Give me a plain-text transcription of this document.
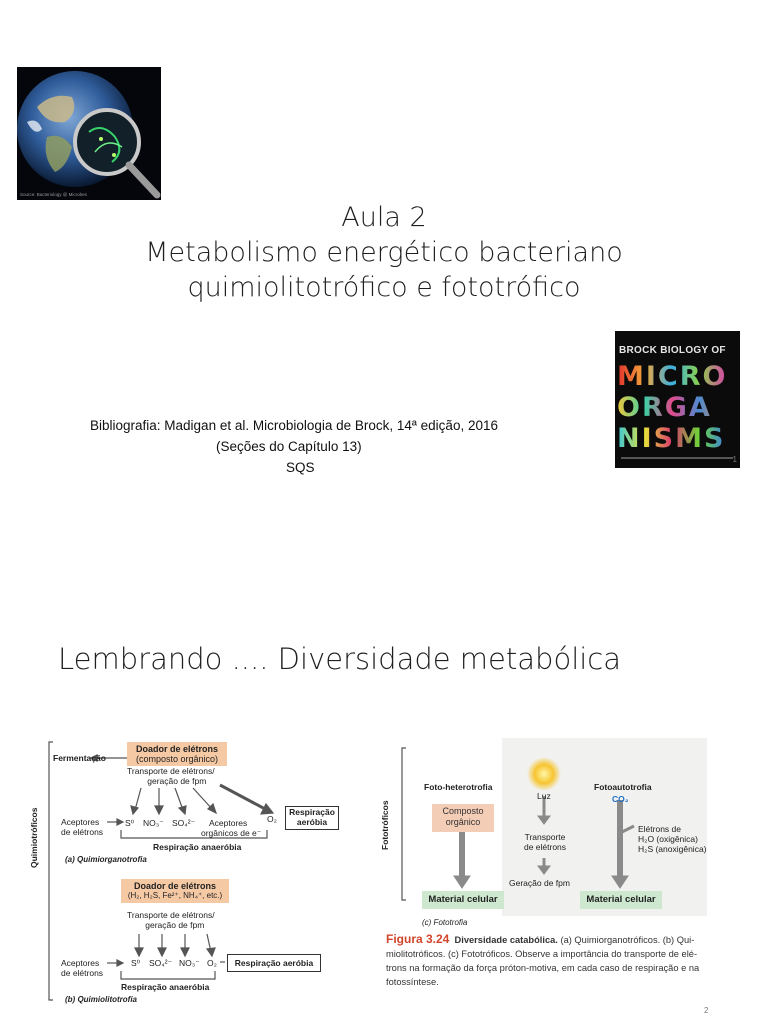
Source: Bacteriology @ Microbes
Aula 2
Metabolismo energético bacteriano
quimiolitotrófico e fototrófico
Bibliografia: Madigan et al. Microbiologia de Brock, 14ª edição, 2016
(Seções do Capítulo 13)
SQS
BROCK BIOLOGY OF
MICRO
ORGA
NISMS
1
Lembrando .... Diversidade metabólica
Quimiotróficos
Fermentação
Doador de elétrons
(composto orgânico)
Transporte de elétrons/
geração de fpm
Aceptores
de elétrons
S⁰ NO₃⁻ SO₄²⁻ Aceptores
orgânicos de e⁻
O₂
Respiração
aeróbia
Respiração anaeróbia
(a) Quimiorganotrofia
Doador de elétrons
(H₂, H₂S, Fe²⁺, NH₄⁺, etc.)
Transporte de elétrons/
geração de fpm
Aceptores
de elétrons
S⁰ SO₄²⁻ NO₃⁻ O₂	Respiração aeróbia
Respiração anaeróbia
(b) Quimiolitotrofia
Fototróficos
Foto-heterotrofia
Luz
Fotoautotrofia
CO₂
Composto
orgânico
Transporte
de elétrons
Elétrons de
H₂O (oxigênica)
H₂S (anoxigênica)
Geração de fpm
Material celular	Material celular
(c) Fototrofia
Figura 3.24 Diversidade catabólica. (a) Quimiorganotróficos. (b) Qui-
miolitotróficos. (c) Fototróficos. Observe a importância do transporte de elé-
trons na formação da força próton-motiva, em cada caso de respiração e na
fotossíntese.
2
